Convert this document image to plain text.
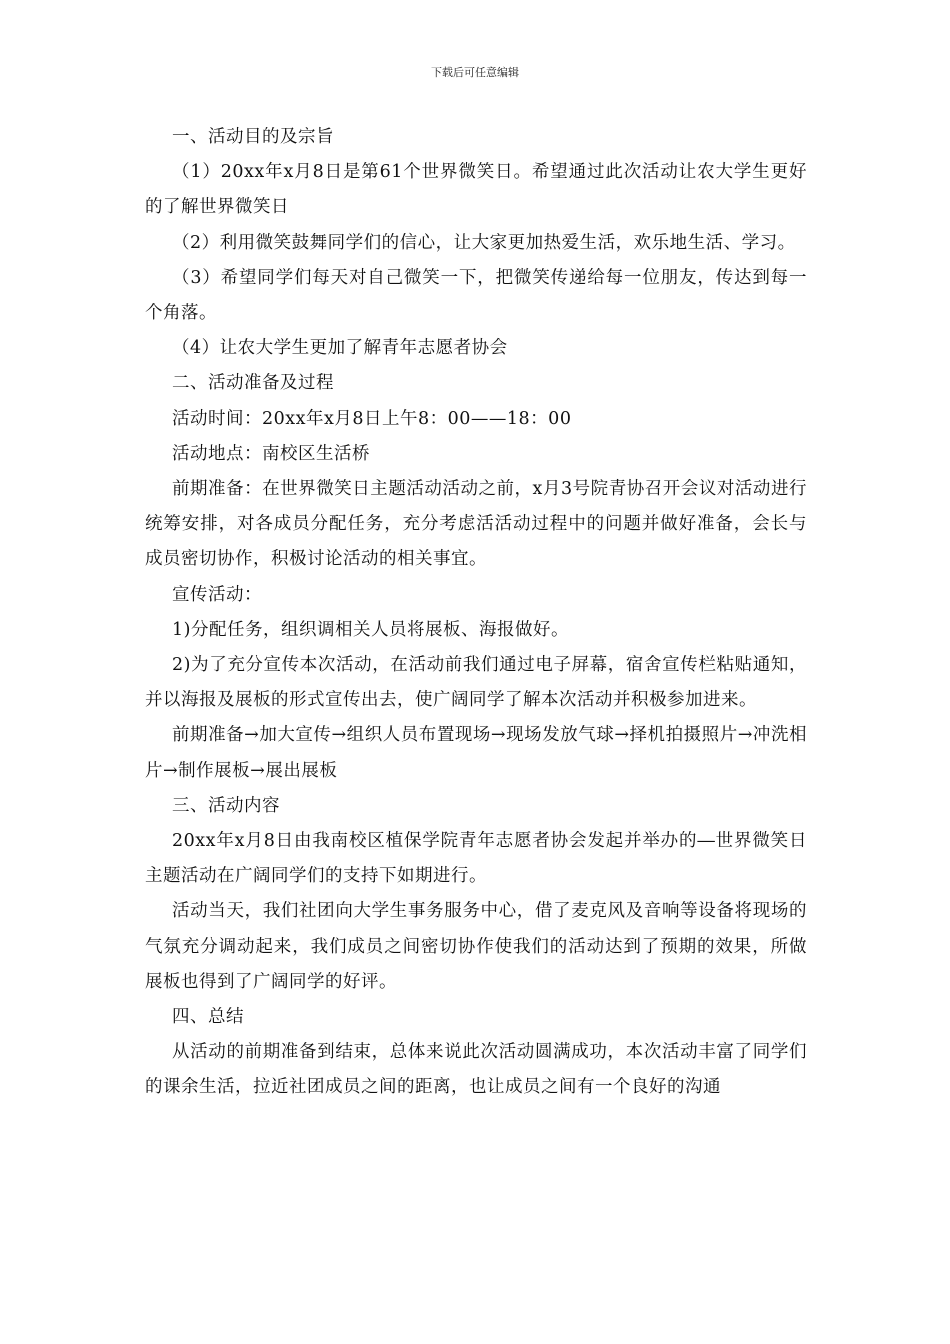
下载后可任意编辑

一、活动目的及宗旨

（1）20xx年x月8日是第61个世界微笑日。希望通过此次活动让农大学生更好的了解世界微笑日

（2）利用微笑鼓舞同学们的信心，让大家更加热爱生活，欢乐地生活、学习。

（3）希望同学们每天对自己微笑一下，把微笑传递给每一位朋友，传达到每一个角落。

（4）让农大学生更加了解青年志愿者协会

二、活动准备及过程

活动时间：20xx年x月8日上午8：00——18：00

活动地点：南校区生活桥

前期准备：在世界微笑日主题活动活动之前，x月3号院青协召开会议对活动进行统筹安排，对各成员分配任务，充分考虑活活动过程中的问题并做好准备，会长与成员密切协作，积极讨论活动的相关事宜。

宣传活动：

1)分配任务，组织调相关人员将展板、海报做好。

2)为了充分宣传本次活动，在活动前我们通过电子屏幕，宿舍宣传栏粘贴通知，并以海报及展板的形式宣传出去，使广阔同学了解本次活动并积极参加进来。

前期准备→加大宣传→组织人员布置现场→现场发放气球→择机拍摄照片→冲洗相片→制作展板→展出展板

三、活动内容

20xx年x月8日由我南校区植保学院青年志愿者协会发起并举办的―世界微笑日主题活动在广阔同学们的支持下如期进行。

活动当天，我们社团向大学生事务服务中心，借了麦克风及音响等设备将现场的气氛充分调动起来，我们成员之间密切协作使我们的活动达到了预期的效果，所做展板也得到了广阔同学的好评。

四、总结

从活动的前期准备到结束，总体来说此次活动圆满成功，本次活动丰富了同学们的课余生活，拉近社团成员之间的距离，也让成员之间有一个良好的沟通
